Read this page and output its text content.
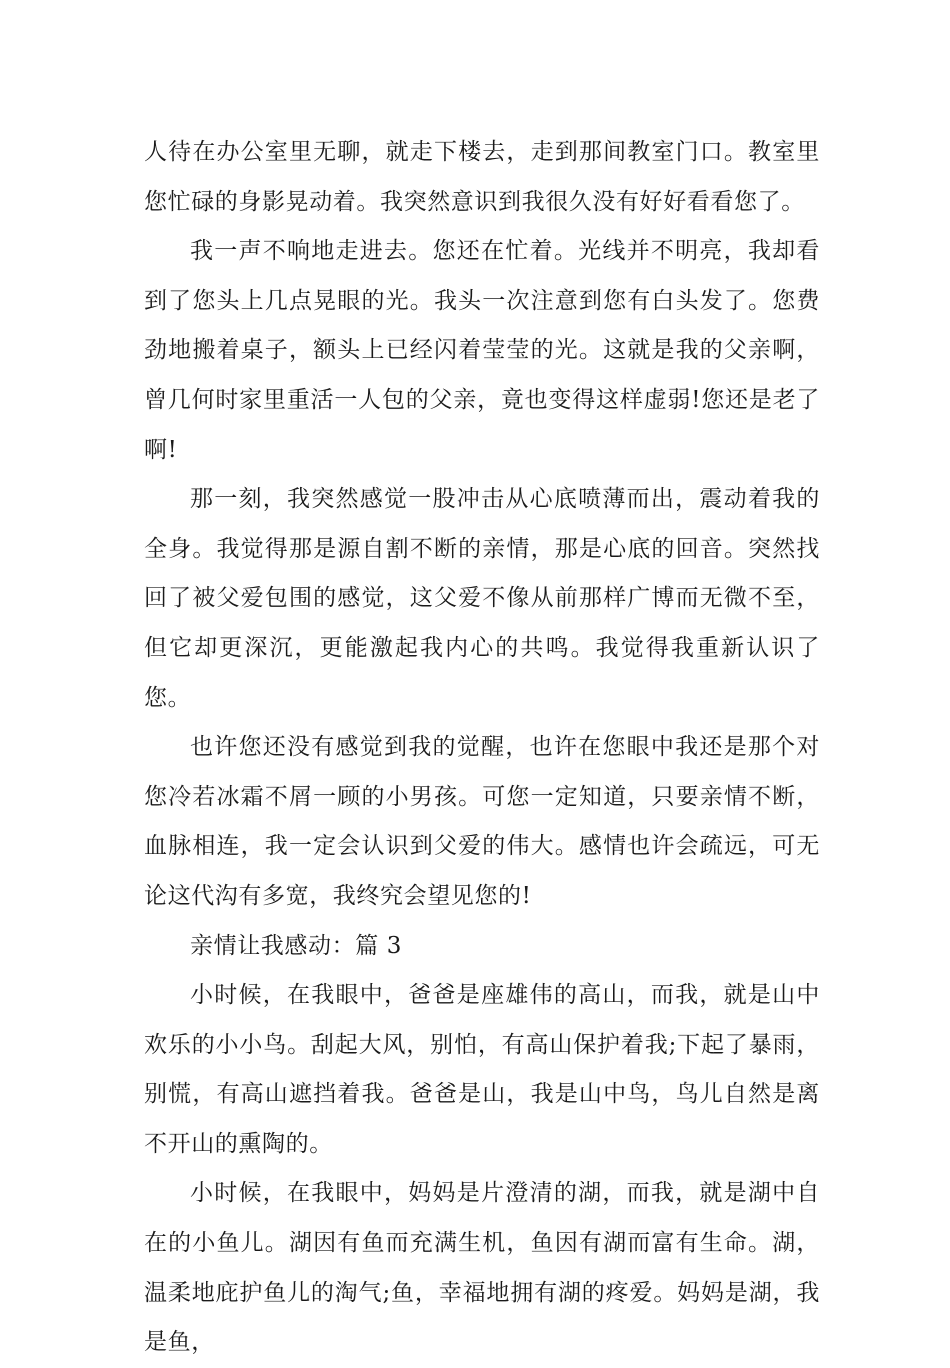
人待在办公室里无聊，就走下楼去，走到那间教室门口。教室里您忙碌的身影晃动着。我突然意识到我很久没有好好看看您了。

我一声不响地走进去。您还在忙着。光线并不明亮，我却看到了您头上几点晃眼的光。我头一次注意到您有白头发了。您费劲地搬着桌子，额头上已经闪着莹莹的光。这就是我的父亲啊，曾几何时家里重活一人包的父亲，竟也变得这样虚弱!您还是老了啊!

那一刻，我突然感觉一股冲击从心底喷薄而出，震动着我的全身。我觉得那是源自割不断的亲情，那是心底的回音。突然找回了被父爱包围的感觉，这父爱不像从前那样广博而无微不至，但它却更深沉，更能激起我内心的共鸣。我觉得我重新认识了您。

也许您还没有感觉到我的觉醒，也许在您眼中我还是那个对您冷若冰霜不屑一顾的小男孩。可您一定知道，只要亲情不断，血脉相连，我一定会认识到父爱的伟大。感情也许会疏远，可无论这代沟有多宽，我终究会望见您的!

亲情让我感动：篇 3

小时候，在我眼中，爸爸是座雄伟的高山，而我，就是山中欢乐的小小鸟。刮起大风，别怕，有高山保护着我;下起了暴雨，别慌，有高山遮挡着我。爸爸是山，我是山中鸟，鸟儿自然是离不开山的熏陶的。

小时候，在我眼中，妈妈是片澄清的湖，而我，就是湖中自在的小鱼儿。湖因有鱼而充满生机，鱼因有湖而富有生命。湖，温柔地庇护鱼儿的淘气;鱼，幸福地拥有湖的疼爱。妈妈是湖，我是鱼，
